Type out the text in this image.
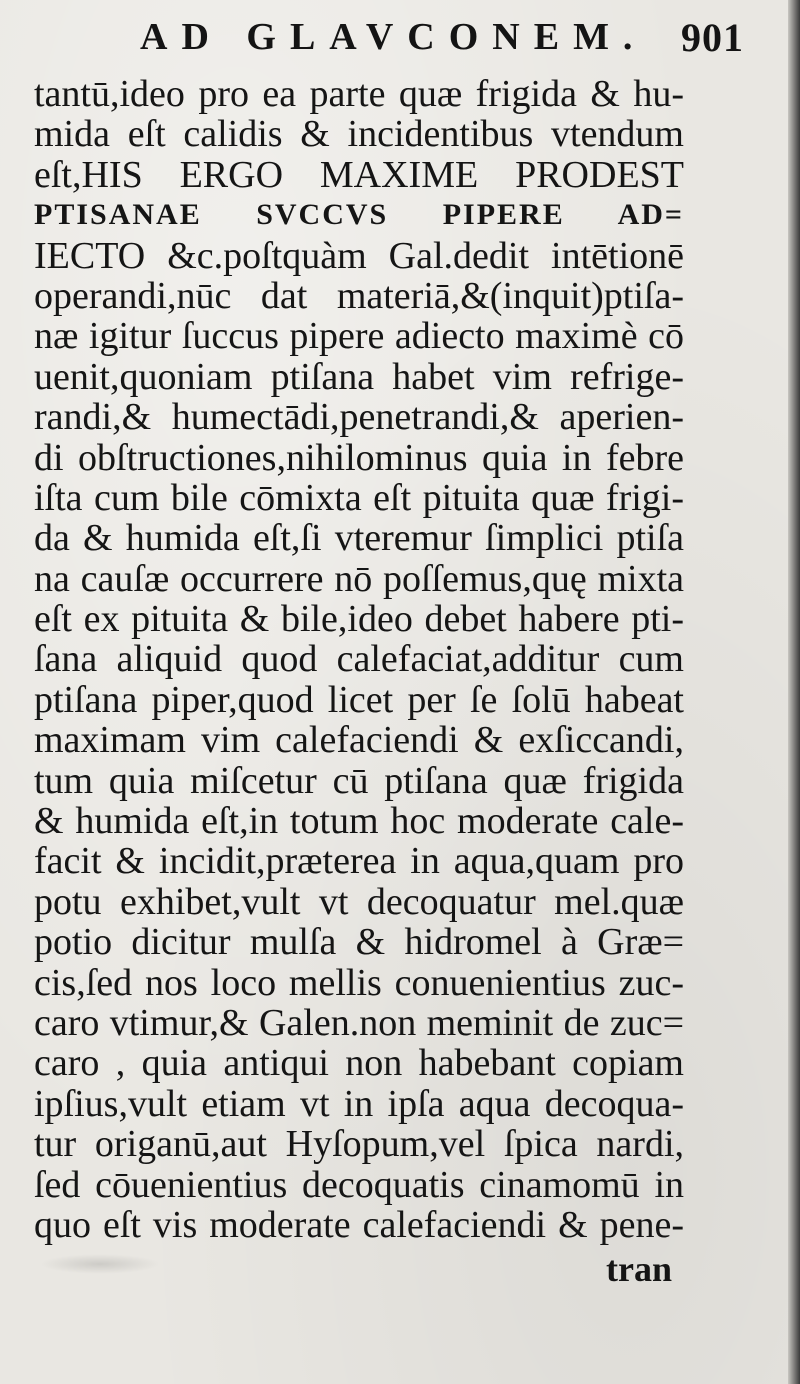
AD GLAVCONEM. 901
tantū,ideo pro ea parte quæ frigida & hu-
mida eſt calidis & incidentibus vtendum
eſt,HIS ERGO MAXIME PRODEST
PTISANAE SVCCVS PIPERE AD=
IECTO &c.poſtquàm Gal.dedit intētionē
operandi,nūc dat materiā,&(inquit)ptiſa-
næ igitur ſuccus pipere adiecto maximè cō
uenit,quoniam ptiſana habet vim refrige-
randi,& humectādi,penetrandi,& aperien-
di obſtructiones,nihilominus quia in febre
iſta cum bile cōmixta eſt pituita quæ frigi-
da & humida eſt,ſi vteremur ſimplici ptiſa
na cauſæ occurrere nō poſſemus,quę mixta
eſt ex pituita & bile,ideo debet habere pti-
ſana aliquid quod calefaciat,additur cum
ptiſana piper,quod licet per ſe ſolū habeat
maximam vim calefaciendi & exſiccandi,
tum quia miſcetur cū ptiſana quæ frigida
& humida eſt,in totum hoc moderate cale-
facit & incidit,præterea in aqua,quam pro
potu exhibet,vult vt decoquatur mel.quæ
potio dicitur mulſa & hidromel à Græ=
cis,ſed nos loco mellis conuenientius zuc-
caro vtimur,& Galen.non meminit de zuc=
caro , quia antiqui non habebant copiam
ipſius,vult etiam vt in ipſa aqua decoqua-
tur origanū,aut Hyſopum,vel ſpica nardi,
ſed cōuenientius decoquatis cinamomū in
quo eſt vis moderate calefaciendi & pene-
tran
